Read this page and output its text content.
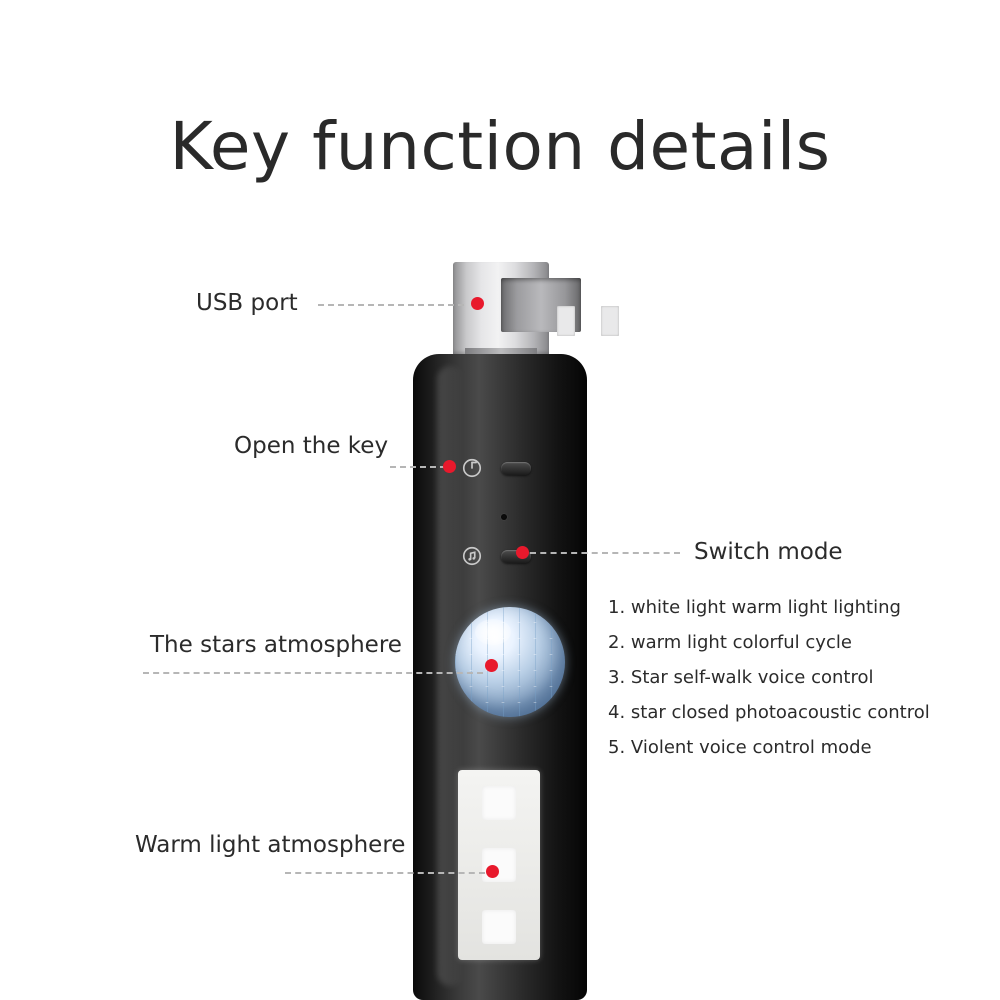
Key function details
USB port
Open the key
Switch mode
1. white light warm light lighting
2. warm light colorful cycle
3. Star self-walk voice control
4. star closed photoacoustic control
5. Violent voice control mode
The stars atmosphere
Warm light atmosphere
